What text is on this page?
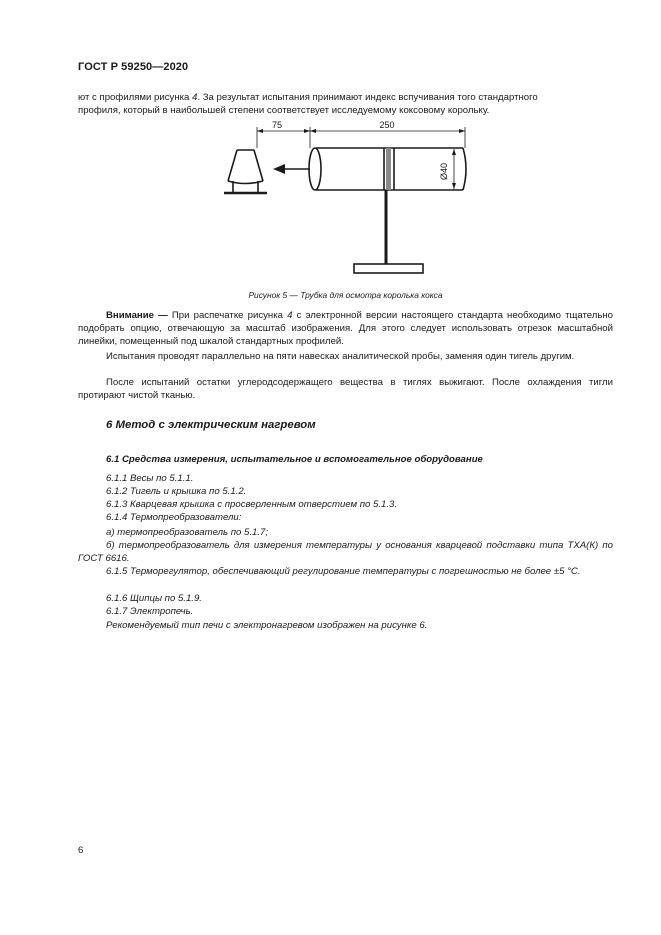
ГОСТ Р 59250—2020

ют с профилями рисунка 4. За результат испытания принимают индекс вспучивания того стандартного

профиля, который в наибольшей степени соответствует исследуемому коксовому корольку.

75	250
Ø40
Рисунок 5 — Трубка для осмотра королька кокса

Внимание — При распечатке рисунка 4 с электронной версии настоящего стандарта необходимо тщательно подобрать опцию, отвечающую за масштаб изображения. Для этого следует использовать отрезок масштабной линейки, помещенный под шкалой стандартных профилей.

Испытания проводят параллельно на пяти навесках аналитической пробы, заменяя один тигель другим.

После испытаний остатки углеродсодержащего вещества в тиглях выжигают. После охлаждения тигли протирают чистой тканью.

6 Метод с электрическим нагревом
6.1 Средства измерения, испытательное и вспомогательное оборудование

6.1.1 Весы по 5.1.1.

6.1.2 Тигель и крышка по 5.1.2.

6.1.3 Кварцевая крышка с просверленным отверстием по 5.1.3.

6.1.4 Термопреобразователи:

а) термопреобразователь по 5.1.7;

б) термопреобразователь для измерения температуры у основания кварцевой подставки типа ТХА(К) по ГОСТ 6616.

6.1.5 Терморегулятор, обеспечивающий регулирование температуры с погрешностью не более ±5 °С.

6.1.6 Щипцы по 5.1.9.

6.1.7 Электропечь.

Рекомендуемый тип печи с электронагревом изображен на рисунке 6.

6
